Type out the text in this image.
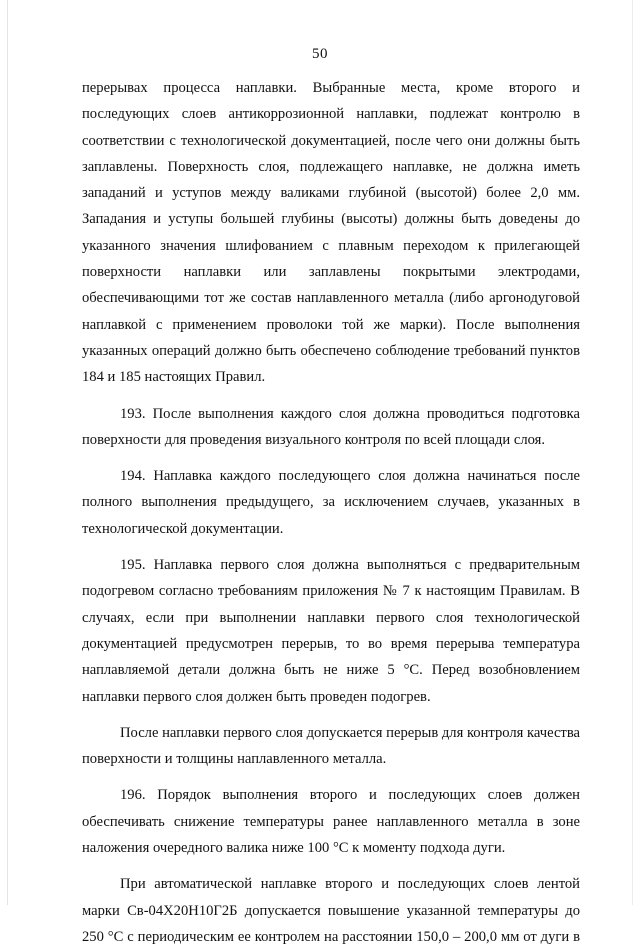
50

перерывах процесса наплавки. Выбранные места, кроме второго и последующих слоев антикоррозионной наплавки, подлежат контролю в соответствии с технологической документацией, после чего они должны быть заплавлены. Поверхность слоя, подлежащего наплавке, не должна иметь западаний и уступов между валиками глубиной (высотой) более 2,0 мм. Западания и уступы большей глубины (высоты) должны быть доведены до указанного значения шлифованием с плавным переходом к прилегающей поверхности наплавки или заплавлены покрытыми электродами, обеспечивающими тот же состав наплавленного металла (либо аргонодуговой наплавкой с применением проволоки той же марки). После выполнения указанных операций должно быть обеспечено соблюдение требований пунктов 184 и 185 настоящих Правил.

193. После выполнения каждого слоя должна проводиться подготовка поверхности для проведения визуального контроля по всей площади слоя.

194. Наплавка каждого последующего слоя должна начинаться после полного выполнения предыдущего, за исключением случаев, указанных в технологической документации.

195. Наплавка первого слоя должна выполняться с предварительным подогревом согласно требованиям приложения № 7 к настоящим Правилам. В случаях, если при выполнении наплавки первого слоя технологической документацией предусмотрен перерыв, то во время перерыва температура наплавляемой детали должна быть не ниже 5 °С. Перед возобновлением наплавки первого слоя должен быть проведен подогрев.

После наплавки первого слоя допускается перерыв для контроля качества поверхности и толщины наплавленного металла.

196. Порядок выполнения второго и последующих слоев должен обеспечивать снижение температуры ранее наплавленного металла в зоне наложения очередного валика ниже 100 °С к моменту подхода дуги.

При автоматической наплавке второго и последующих слоев лентой марки Св-04Х20Н10Г2Б допускается повышение указанной температуры до 250 °С с периодическим ее контролем на расстоянии 150,0 – 200,0 мм от дуги в
